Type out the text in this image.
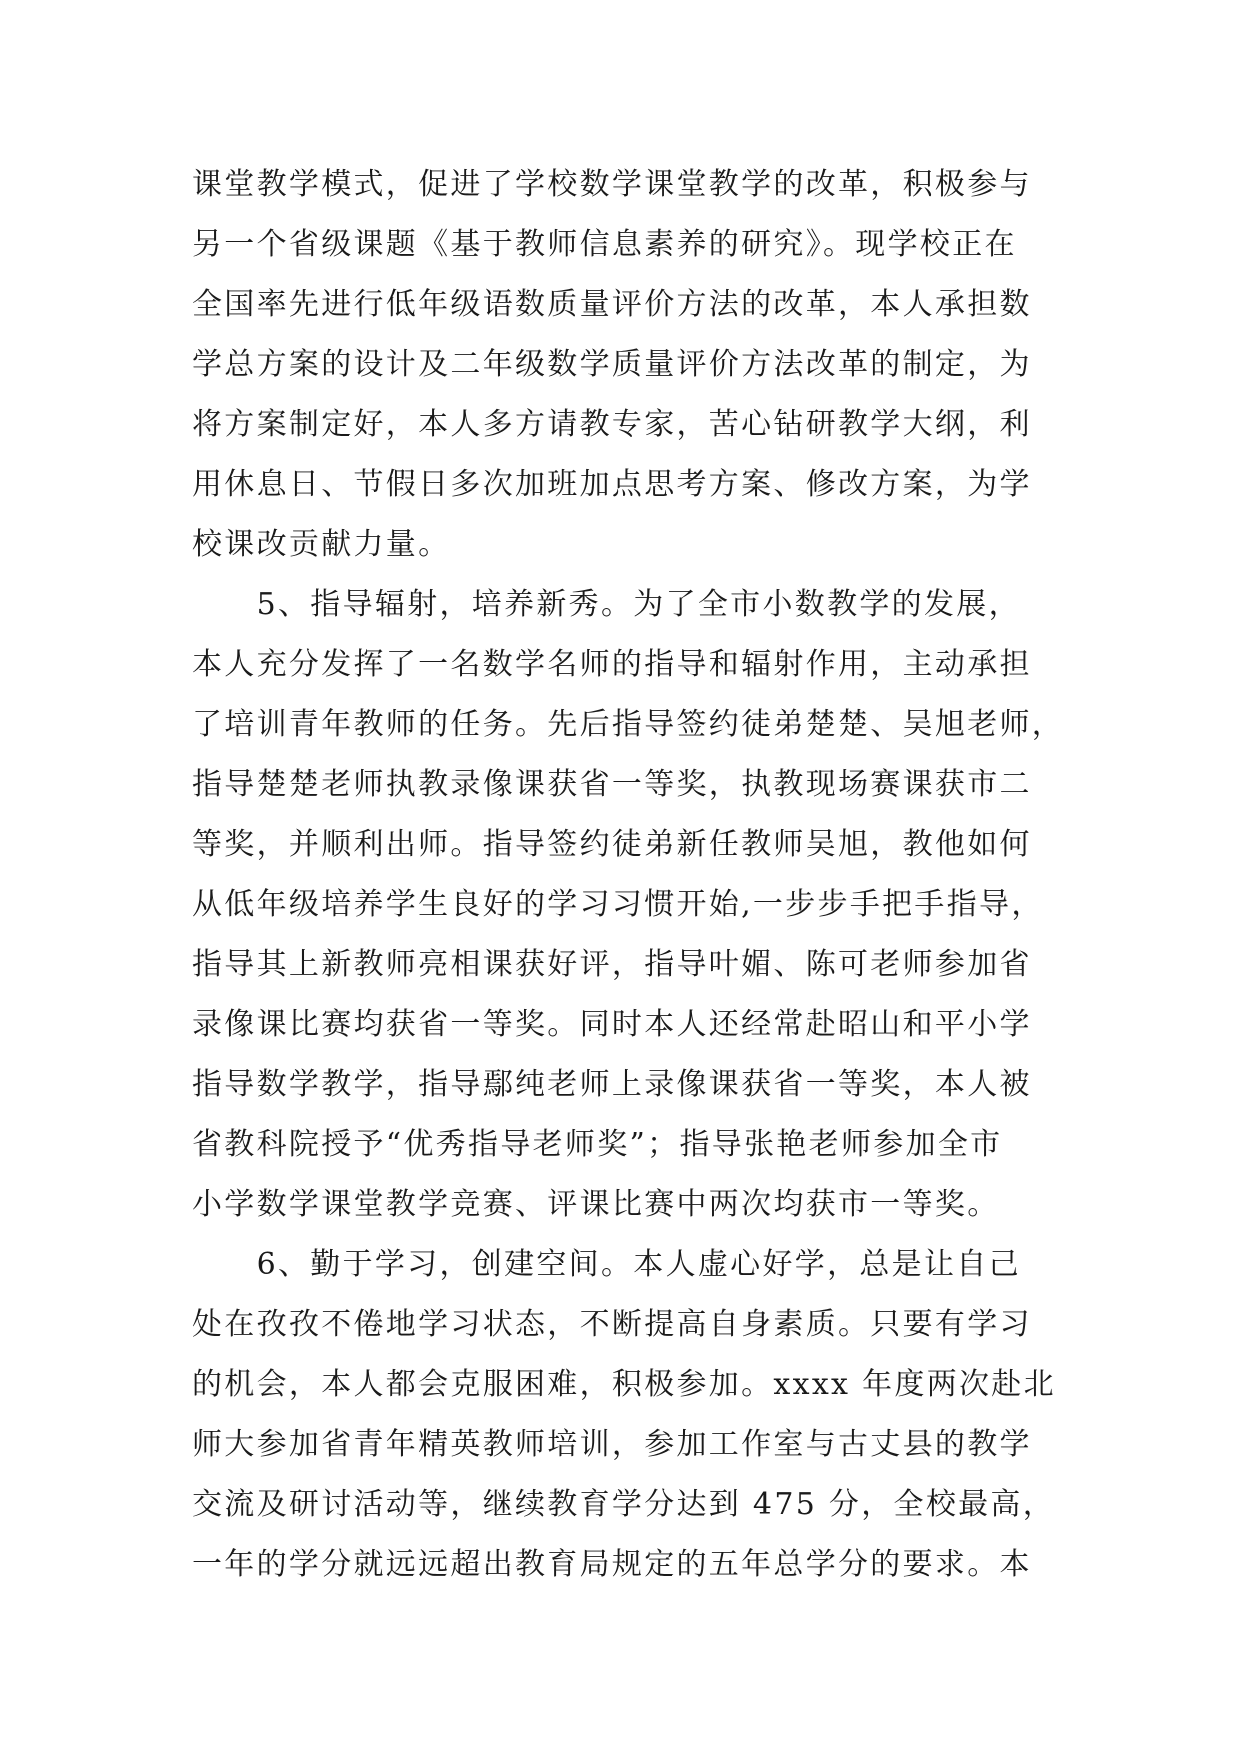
课堂教学模式，促进了学校数学课堂教学的改革，积极参与
另一个省级课题《基于教师信息素养的研究》。现学校正在
全国率先进行低年级语数质量评价方法的改革，本人承担数
学总方案的设计及二年级数学质量评价方法改革的制定，为
将方案制定好，本人多方请教专家，苦心钻研教学大纲，利
用休息日、节假日多次加班加点思考方案、修改方案，为学
校课改贡献力量。
　　5、指导辐射，培养新秀。为了全市小数教学的发展，
本人充分发挥了一名数学名师的指导和辐射作用，主动承担
了培训青年教师的任务。先后指导签约徒弟楚楚、吴旭老师，
指导楚楚老师执教录像课获省一等奖，执教现场赛课获市二
等奖，并顺利出师。指导签约徒弟新任教师吴旭，教他如何
从低年级培养学生良好的学习习惯开始,一步步手把手指导，
指导其上新教师亮相课获好评，指导叶媚、陈可老师参加省
录像课比赛均获省一等奖。同时本人还经常赴昭山和平小学
指导数学教学，指导鄢纯老师上录像课获省一等奖，本人被
省教科院授予“优秀指导老师奖”；指导张艳老师参加全市
小学数学课堂教学竞赛、评课比赛中两次均获市一等奖。
　　6、勤于学习，创建空间。本人虚心好学，总是让自己
处在孜孜不倦地学习状态，不断提高自身素质。只要有学习
的机会，本人都会克服困难，积极参加。xxxx 年度两次赴北
师大参加省青年精英教师培训，参加工作室与古丈县的教学
交流及研讨活动等，继续教育学分达到 475 分，全校最高，
一年的学分就远远超出教育局规定的五年总学分的要求。本
